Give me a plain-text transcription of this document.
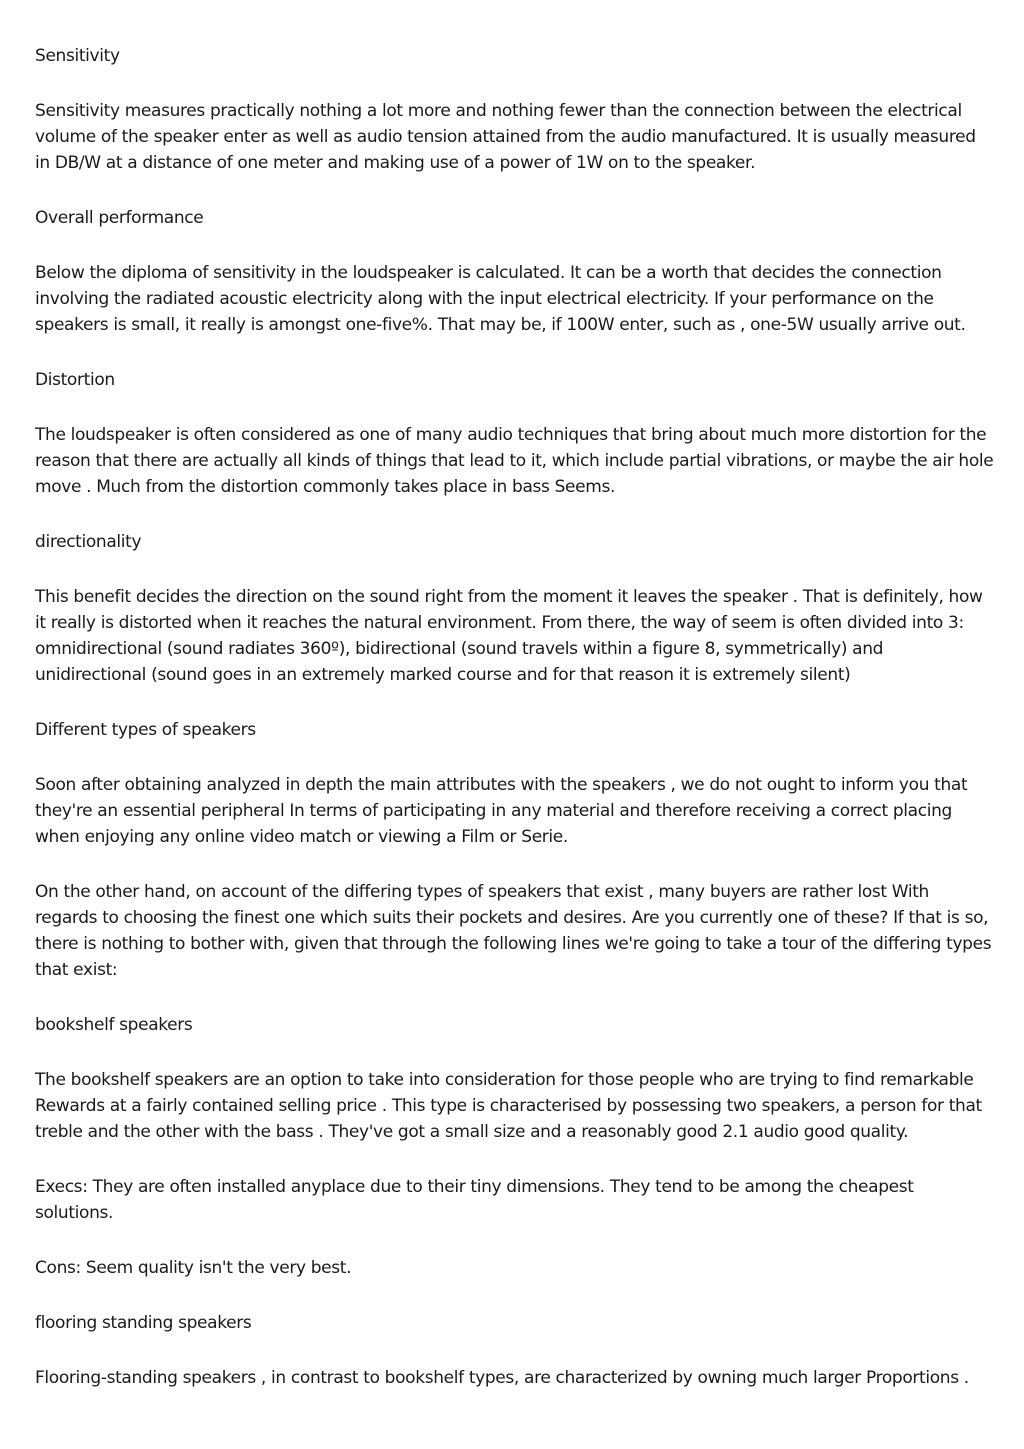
Sensitivity

Sensitivity measures practically nothing a lot more and nothing fewer than the connection between the electrical volume of the speaker enter as well as audio tension attained from the audio manufactured. It is usually measured in DB/W at a distance of one meter and making use of a power of 1W on to the speaker.

Overall performance

Below the diploma of sensitivity in the loudspeaker is calculated. It can be a worth that decides the connection involving the radiated acoustic electricity along with the input electrical electricity. If your performance on the speakers is small, it really is amongst one-five%. That may be, if 100W enter, such as , one-5W usually arrive out.

Distortion

The loudspeaker is often considered as one of many audio techniques that bring about much more distortion for the reason that there are actually all kinds of things that lead to it, which include partial vibrations, or maybe the air hole move . Much from the distortion commonly takes place in bass Seems.

directionality

This benefit decides the direction on the sound right from the moment it leaves the speaker . That is definitely, how it really is distorted when it reaches the natural environment. From there, the way of seem is often divided into 3: omnidirectional (sound radiates 360º), bidirectional (sound travels within a figure 8, symmetrically) and unidirectional (sound goes in an extremely marked course and for that reason it is extremely silent)

Different types of speakers

Soon after obtaining analyzed in depth the main attributes with the speakers , we do not ought to inform you that they're an essential peripheral In terms of participating in any material and therefore receiving a correct placing when enjoying any online video match or viewing a Film or Serie.

On the other hand, on account of the differing types of speakers that exist , many buyers are rather lost With regards to choosing the finest one which suits their pockets and desires. Are you currently one of these? If that is so, there is nothing to bother with, given that through the following lines we're going to take a tour of the differing types that exist:

bookshelf speakers

The bookshelf speakers are an option to take into consideration for those people who are trying to find remarkable Rewards at a fairly contained selling price . This type is characterised by possessing two speakers, a person for that treble and the other with the bass . They've got a small size and a reasonably good 2.1 audio good quality.

Execs: They are often installed anyplace due to their tiny dimensions. They tend to be among the cheapest solutions.

Cons: Seem quality isn't the very best.

flooring standing speakers

Flooring-standing speakers , in contrast to bookshelf types, are characterized by owning much larger Proportions .
